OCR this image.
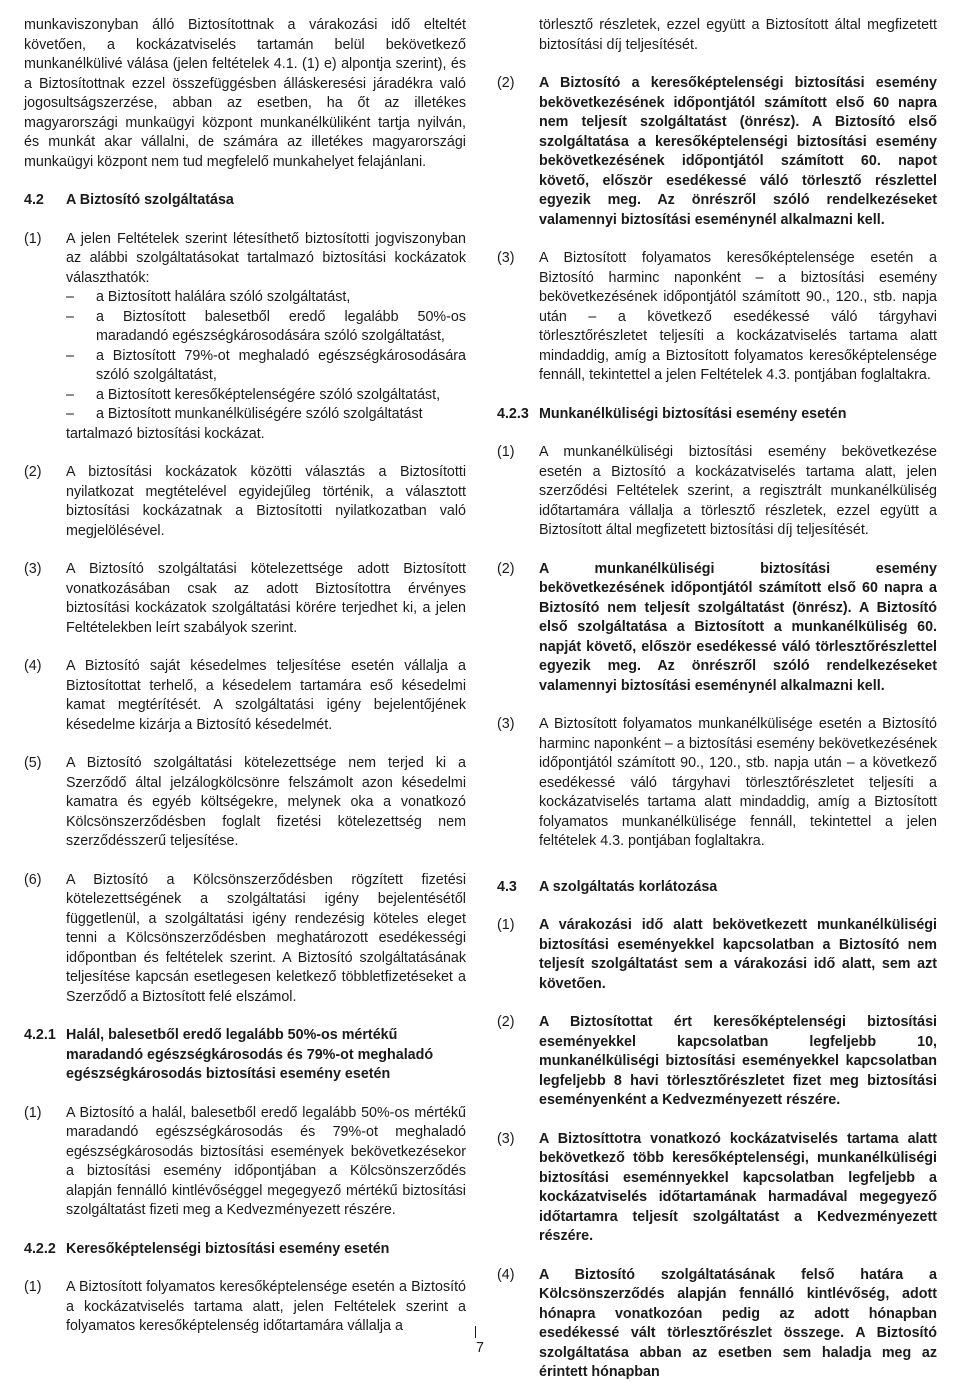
munkaviszonyban álló Biztosítottnak a várakozási idő elteltét követően, a kockázatviselés tartamán belül bekövetkező munkanélkülivé válása (jelen feltételek 4.1. (1) e) alpontja szerint), és a Biztosítottnak ezzel összefüggésben álláskeresési járadékra való jogosultságszerzése, abban az esetben, ha őt az illetékes magyarországi munkaügyi központ munkanélküliként tartja nyilván, és munkát akar vállalni, de számára az illetékes magyarországi munkaügyi központ nem tud megfelelő munkahelyet felajánlani.

4.2	A Biztosító szolgáltatása
(1)	A jelen Feltételek szerint létesíthető biztosítotti jogviszonyban az alábbi szolgáltatásokat tartalmazó biztosítási kockázatok választhatók:
–	a Biztosított halálára szóló szolgáltatást,
–	a Biztosított balesetből eredő legalább 50%-os maradandó egészségkárosodására szóló szolgáltatást,
–	a Biztosított 79%-ot meghaladó egészségkárosodására szóló szolgáltatást,
–	a Biztosított keresőképtelenségére szóló szolgáltatást,
–	a Biztosított munkanélküliségére szóló szolgáltatást
tartalmazó biztosítási kockázat.
(2)	A biztosítási kockázatok közötti választás a Biztosítotti nyilatkozat megtételével egyidejűleg történik, a választott biztosítási kockázatnak a Biztosítotti nyilatkozatban való megjelölésével.
(3)	A Biztosító szolgáltatási kötelezettsége adott Biztosított vonatkozásában csak az adott Biztosítottra érvényes biztosítási kockázatok szolgáltatási körére terjedhet ki, a jelen Feltételekben leírt szabályok szerint.
(4)	A Biztosító saját késedelmes teljesítése esetén vállalja a Biztosítottat terhelő, a késedelem tartamára eső késedelmi kamat megtérítését. A szolgáltatási igény bejelentőjének késedelme kizárja a Biztosító késedelmét.
(5)	A Biztosító szolgáltatási kötelezettsége nem terjed ki a Szerződő által jelzálogkölcsönre felszámolt azon késedelmi kamatra és egyéb költségekre, melynek oka a vonatkozó Kölcsönszerződésben foglalt fizetési kötelezettség nem szerződésszerű teljesítése.
(6)	A Biztosító a Kölcsönszerződésben rögzített fizetési kötelezettségének a szolgáltatási igény bejelentésétől függetlenül, a szolgáltatási igény rendezésig köteles eleget tenni a Kölcsönszerződésben meghatározott esedékességi időpontban és feltételek szerint. A Biztosító szolgáltatásának teljesítése kapcsán esetlegesen keletkező többletfizetéseket a Szerződő a Biztosított felé elszámol.
4.2.1 Halál, balesetből eredő legalább 50%-os mértékű maradandó egészségkárosodás és 79%-ot meghaladó egészségkárosodás biztosítási esemény esetén
(1)	A Biztosító a halál, balesetből eredő legalább 50%-os mértékű maradandó egészségkárosodás és 79%-ot meghaladó egészségkárosodás biztosítási események bekövetkezésekor a biztosítási esemény időpontjában a Kölcsönszerződés alapján fennálló kintlévőséggel megegyező mértékű biztosítási szolgáltatást fizeti meg a Kedvezményezett részére.
4.2.2 Keresőképtelenségi biztosítási esemény esetén
(1)	A Biztosított folyamatos keresőképtelensége esetén a Biztosító a kockázatviselés tartama alatt, jelen Feltételek szerint a folyamatos keresőképtelenség időtartamára vállalja a
törlesztő részletek, ezzel együtt a Biztosított által megfizetett biztosítási díj teljesítését.
(2)	A Biztosító a keresőképtelenségi biztosítási esemény bekövetkezésének időpontjától számított első 60 napra nem teljesít szolgáltatást (önrész). A Biztosító első szolgáltatása a keresőképtelenségi biztosítási esemény bekövetkezésének időpontjától számított 60. napot követő, először esedékessé váló törlesztő részlettel egyezik meg. Az önrészről szóló rendelkezéseket valamennyi biztosítási eseménynél alkalmazni kell.
(3)	A Biztosított folyamatos keresőképtelensége esetén a Biztosító harminc naponként – a biztosítási esemény bekövetkezésének időpontjától számított 90., 120., stb. napja után – a következő esedékessé váló tárgyhavi törlesztőrészletet teljesíti a kockázatviselés tartama alatt mindaddig, amíg a Biztosított folyamatos keresőképtelensége fennáll, tekintettel a jelen Feltételek 4.3. pontjában foglaltakra.
4.2.3 Munkanélküliségi biztosítási esemény esetén
(1)	A munkanélküliségi biztosítási esemény bekövetkezése esetén a Biztosító a kockázatviselés tartama alatt, jelen szerződési Feltételek szerint, a regisztrált munkanélküliség időtartamára vállalja a törlesztő részletek, ezzel együtt a Biztosított által megfizetett biztosítási díj teljesítését.
(2)	A munkanélküliségi biztosítási esemény bekövetkezésének időpontjától számított első 60 napra a Biztosító nem teljesít szolgáltatást (önrész). A Biztosító első szolgáltatása a Biztosított a munkanélküliség 60. napját követő, először esedékessé váló törlesztőrészlettel egyezik meg. Az önrészről szóló rendelkezéseket valamennyi biztosítási eseménynél alkalmazni kell.
(3)	A Biztosított folyamatos munkanélkülisége esetén a Biztosító harminc naponként – a biztosítási esemény bekövetkezésének időpontjától számított 90., 120., stb. napja után – a következő esedékessé váló tárgyhavi törlesztőrészletet teljesíti a kockázatviselés tartama alatt mindaddig, amíg a Biztosított folyamatos munkanélkülisége fennáll, tekintettel a jelen feltételek 4.3. pontjában foglaltakra.
4.3	A szolgáltatás korlátozása
(1)	A várakozási idő alatt bekövetkezett munkanélküliségi biztosítási eseményekkel kapcsolatban a Biztosító nem teljesít szolgáltatást sem a várakozási idő alatt, sem azt követően.
(2)	A Biztosítottat ért keresőképtelenségi biztosítási eseményekkel kapcsolatban legfeljebb 10, munkanélküliségi biztosítási eseményekkel kapcsolatban legfeljebb 8 havi törlesztőrészletet fizet meg biztosítási eseményenként a Kedvezményezett részére.
(3)	A Biztosíttotra vonatkozó kockázatviselés tartama alatt bekövetkező több keresőképtelenségi, munkanélküliségi biztosítási eseménnyekkel kapcsolatban legfeljebb a kockázatviselés időtartamának harmadával megegyező időtartamra teljesít szolgáltatást a Kedvezményezett részére.
(4)	A Biztosító szolgáltatásának felső határa a Kölcsönszerződés alapján fennálló kintlévőség, adott hónapra vonatkozóan pedig az adott hónapban esedékessé vált törlesztőrészlet összege. A Biztosító szolgáltatása abban az esetben sem haladja meg az érintett hónapban
7
